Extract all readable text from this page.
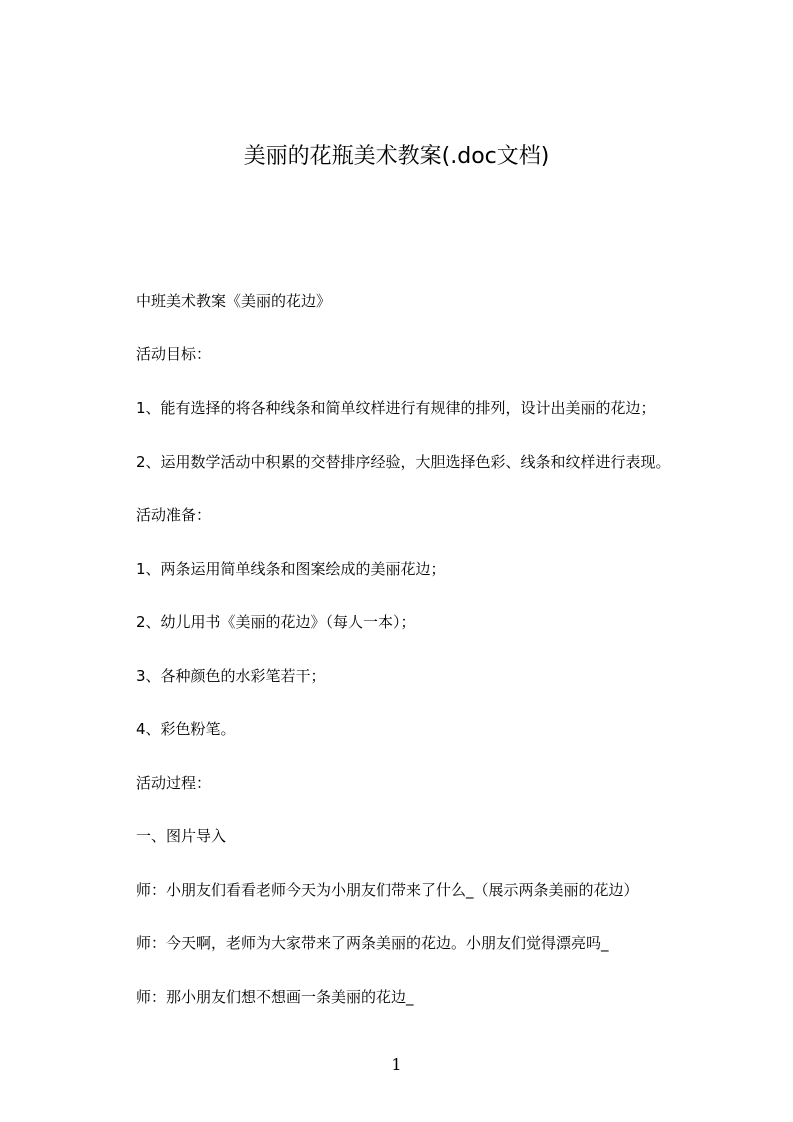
美丽的花瓶美术教案(.doc文档)

中班美术教案《美丽的花边》

活动目标：

1、能有选择的将各种线条和简单纹样进行有规律的排列，设计出美丽的花边；

2、运用数学活动中积累的交替排序经验，大胆选择色彩、线条和纹样进行表现。

活动准备：

1、两条运用简单线条和图案绘成的美丽花边；

2、幼儿用书《美丽的花边》（每人一本）；

3、各种颜色的水彩笔若干；

4、彩色粉笔。

活动过程：

一、图片导入

师：小朋友们看看老师今天为小朋友们带来了什么_（展示两条美丽的花边）

师：今天啊，老师为大家带来了两条美丽的花边。小朋友们觉得漂亮吗_

师：那小朋友们想不想画一条美丽的花边_

1
